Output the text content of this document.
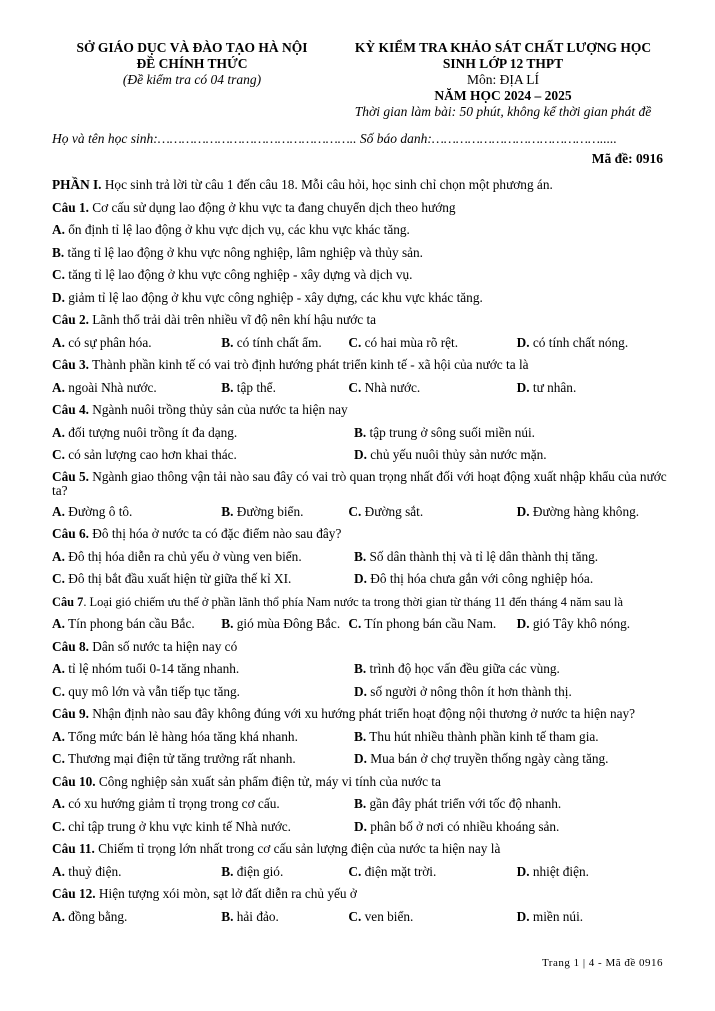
SỞ GIÁO DỤC VÀ ĐÀO TẠO HÀ NỘI
ĐỀ CHÍNH THỨC
(Đề kiểm tra có 04 trang)
KỲ KIỂM TRA KHẢO SÁT CHẤT LƯỢNG HỌC
SINH LỚP 12 THPT
Môn: ĐỊA LÍ
NĂM HỌC 2024 – 2025
Thời gian làm bài: 50 phút, không kể thời gian phát đề
Họ và tên học sinh:………………………………………….. Số báo danh:…………………………………….....
Mã đề: 0916
PHẦN I. Học sinh trả lời từ câu 1 đến câu 18. Mỗi câu hỏi, học sinh chỉ chọn một phương án.
Câu 1. Cơ cấu sử dụng lao động ở khu vực ta đang chuyển dịch theo hướng
A. ổn định tỉ lệ lao động ở khu vực dịch vụ, các khu vực khác tăng.
B. tăng tỉ lệ lao động ở khu vực nông nghiệp, lâm nghiệp và thủy sản.
C. tăng tỉ lệ lao động ở khu vực công nghiệp - xây dựng và dịch vụ.
D. giảm tỉ lệ lao động ở khu vực công nghiệp - xây dựng, các khu vực khác tăng.
Câu 2. Lãnh thổ trải dài trên nhiều vĩ độ nên khí hậu nước ta
A. có sự phân hóa.	B. có tính chất ẩm.	C. có hai mùa rõ rệt.	D. có tính chất nóng.
Câu 3. Thành phần kinh tế có vai trò định hướng phát triển kinh tế - xã hội của nước ta là
A. ngoài Nhà nước.	B. tập thể.	C. Nhà nước.	D. tư nhân.
Câu 4. Ngành nuôi trồng thủy sản của nước ta hiện nay
A. đối tượng nuôi trồng ít đa dạng.	B. tập trung ở sông suối miền núi.
C. có sản lượng cao hơn khai thác.	D. chủ yếu nuôi thủy sản nước mặn.
Câu 5. Ngành giao thông vận tải nào sau đây có vai trò quan trọng nhất đối với hoạt động xuất nhập khẩu của nước ta?
A. Đường ô tô.	B. Đường biển.	C. Đường sắt.	D. Đường hàng không.
Câu 6. Đô thị hóa ở nước ta có đặc điểm nào sau đây?
A. Đô thị hóa diễn ra chủ yếu ở vùng ven biển.	B. Số dân thành thị và tỉ lệ dân thành thị tăng.
C. Đô thị bắt đầu xuất hiện từ giữa thế kỉ XI.	D. Đô thị hóa chưa gắn với công nghiệp hóa.
Câu 7. Loại gió chiếm ưu thế ở phần lãnh thổ phía Nam nước ta trong thời gian từ tháng 11 đến tháng 4 năm sau là
A. Tín phong bán cầu Bắc.	B. gió mùa Đông Bắc. C. Tín phong bán cầu Nam.	D. gió Tây khô nóng.
Câu 8. Dân số nước ta hiện nay có
A. tỉ lệ nhóm tuổi 0-14 tăng nhanh.	B. trình độ học vấn đều giữa các vùng.
C. quy mô lớn và vẫn tiếp tục tăng.	D. số người ở nông thôn ít hơn thành thị.
Câu 9. Nhận định nào sau đây không đúng với xu hướng phát triển hoạt động nội thương ở nước ta hiện nay?
A. Tổng mức bán lẻ hàng hóa tăng khá nhanh.	B. Thu hút nhiều thành phần kinh tế tham gia.
C. Thương mại điện tử tăng trưởng rất nhanh.	D. Mua bán ở chợ truyền thống ngày càng tăng.
Câu 10. Công nghiệp sản xuất sản phẩm điện tử, máy vi tính của nước ta
A. có xu hướng giảm tỉ trọng trong cơ cấu.	B. gần đây phát triển với tốc độ nhanh.
C. chỉ tập trung ở khu vực kinh tế Nhà nước.	D. phân bố ở nơi có nhiều khoáng sản.
Câu 11. Chiếm tỉ trọng lớn nhất trong cơ cấu sản lượng điện của nước ta hiện nay là
A. thuỷ điện.	B. điện gió.	C. điện mặt trời.	D. nhiệt điện.
Câu 12. Hiện tượng xói mòn, sạt lở đất diễn ra chủ yếu ở
A. đồng bằng.	B. hải đảo.	C. ven biển.	D. miền núi.
Trang 1 | 4 - Mã đề 0916
